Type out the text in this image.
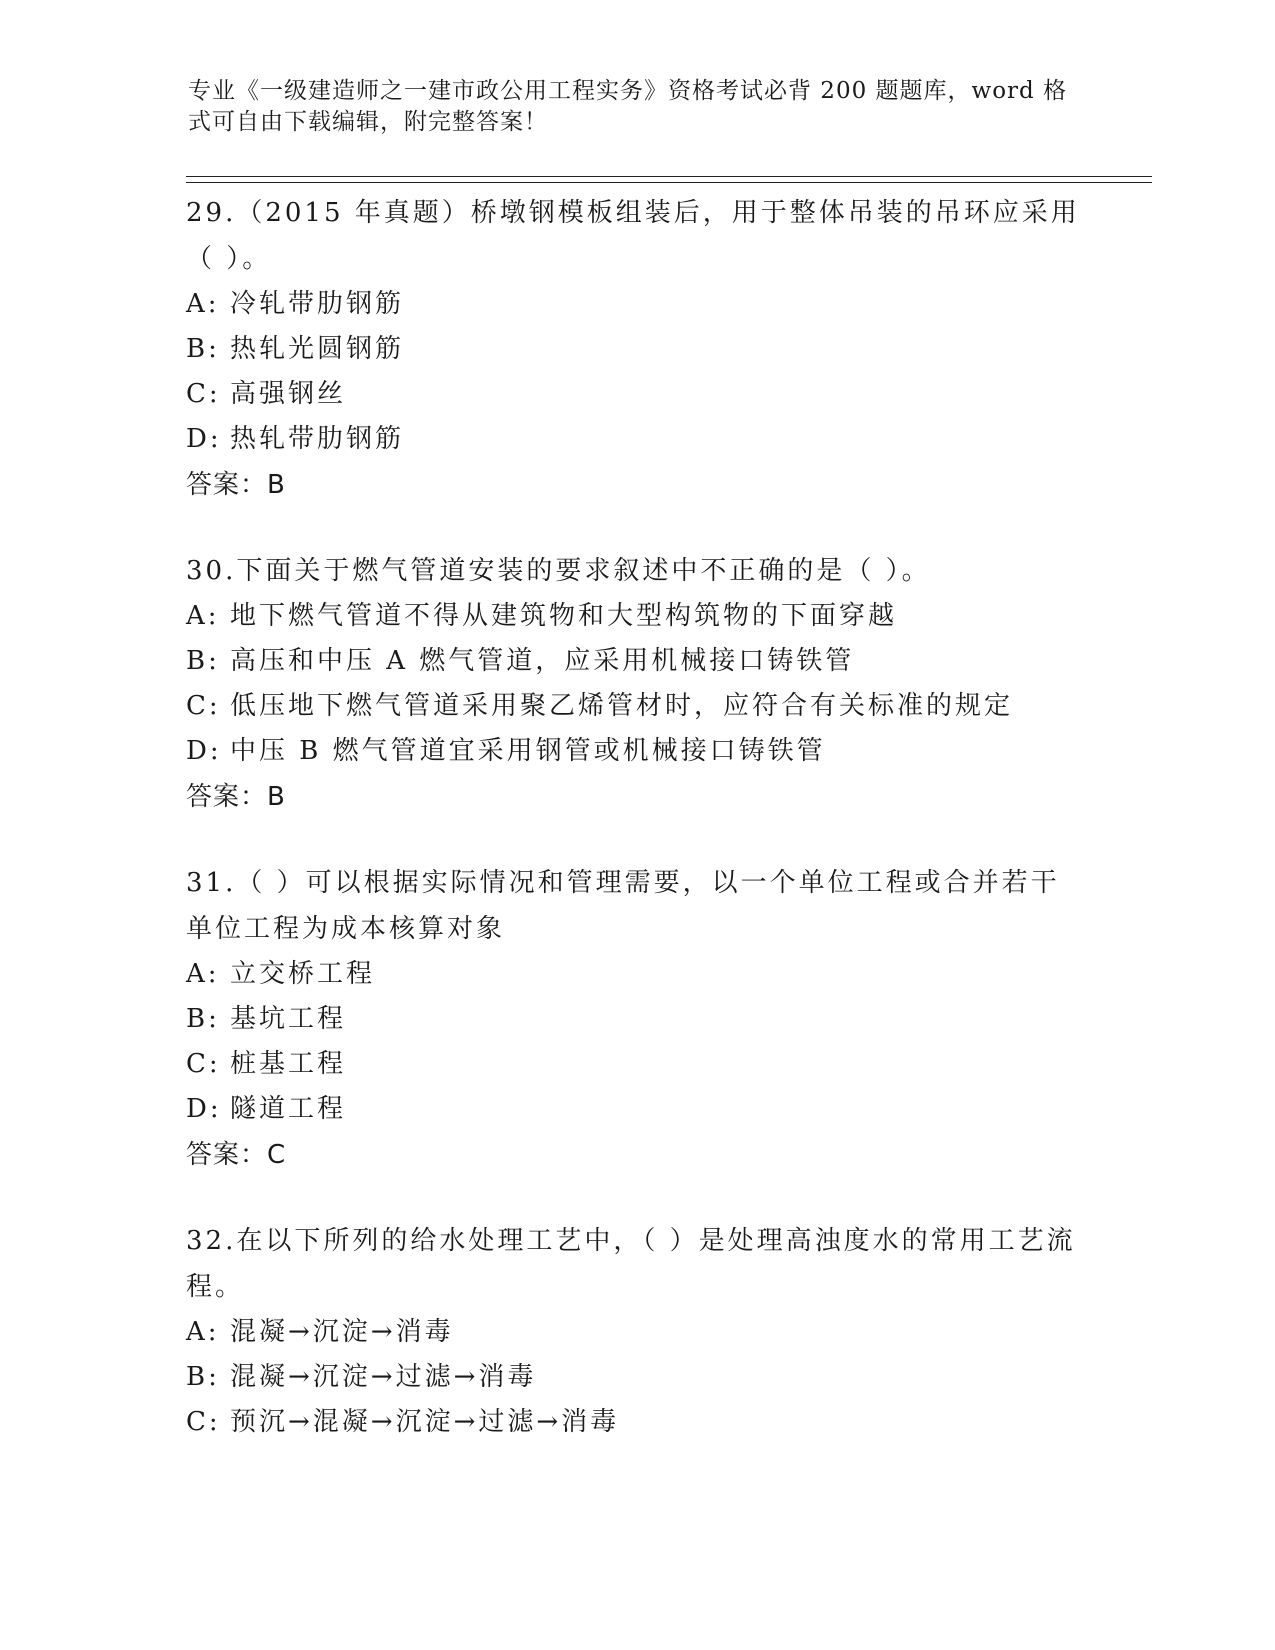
专业《一级建造师之一建市政公用工程实务》资格考试必背 200 题题库，word 格式可自由下载编辑，附完整答案！
29.（2015 年真题）桥墩钢模板组装后，用于整体吊装的吊环应采用（ ）。
A: 冷轧带肋钢筋
B: 热轧光圆钢筋
C: 高强钢丝
D: 热轧带肋钢筋
答案：B
30.下面关于燃气管道安装的要求叙述中不正确的是（ ）。
A: 地下燃气管道不得从建筑物和大型构筑物的下面穿越
B: 高压和中压 A 燃气管道，应采用机械接口铸铁管
C: 低压地下燃气管道采用聚乙烯管材时，应符合有关标准的规定
D: 中压 B 燃气管道宜采用钢管或机械接口铸铁管
答案：B
31.（ ）可以根据实际情况和管理需要，以一个单位工程或合并若干单位工程为成本核算对象
A: 立交桥工程
B: 基坑工程
C: 桩基工程
D: 隧道工程
答案：C
32.在以下所列的给水处理工艺中，（ ）是处理高浊度水的常用工艺流程。
A: 混凝→沉淀→消毒
B: 混凝→沉淀→过滤→消毒
C: 预沉→混凝→沉淀→过滤→消毒
